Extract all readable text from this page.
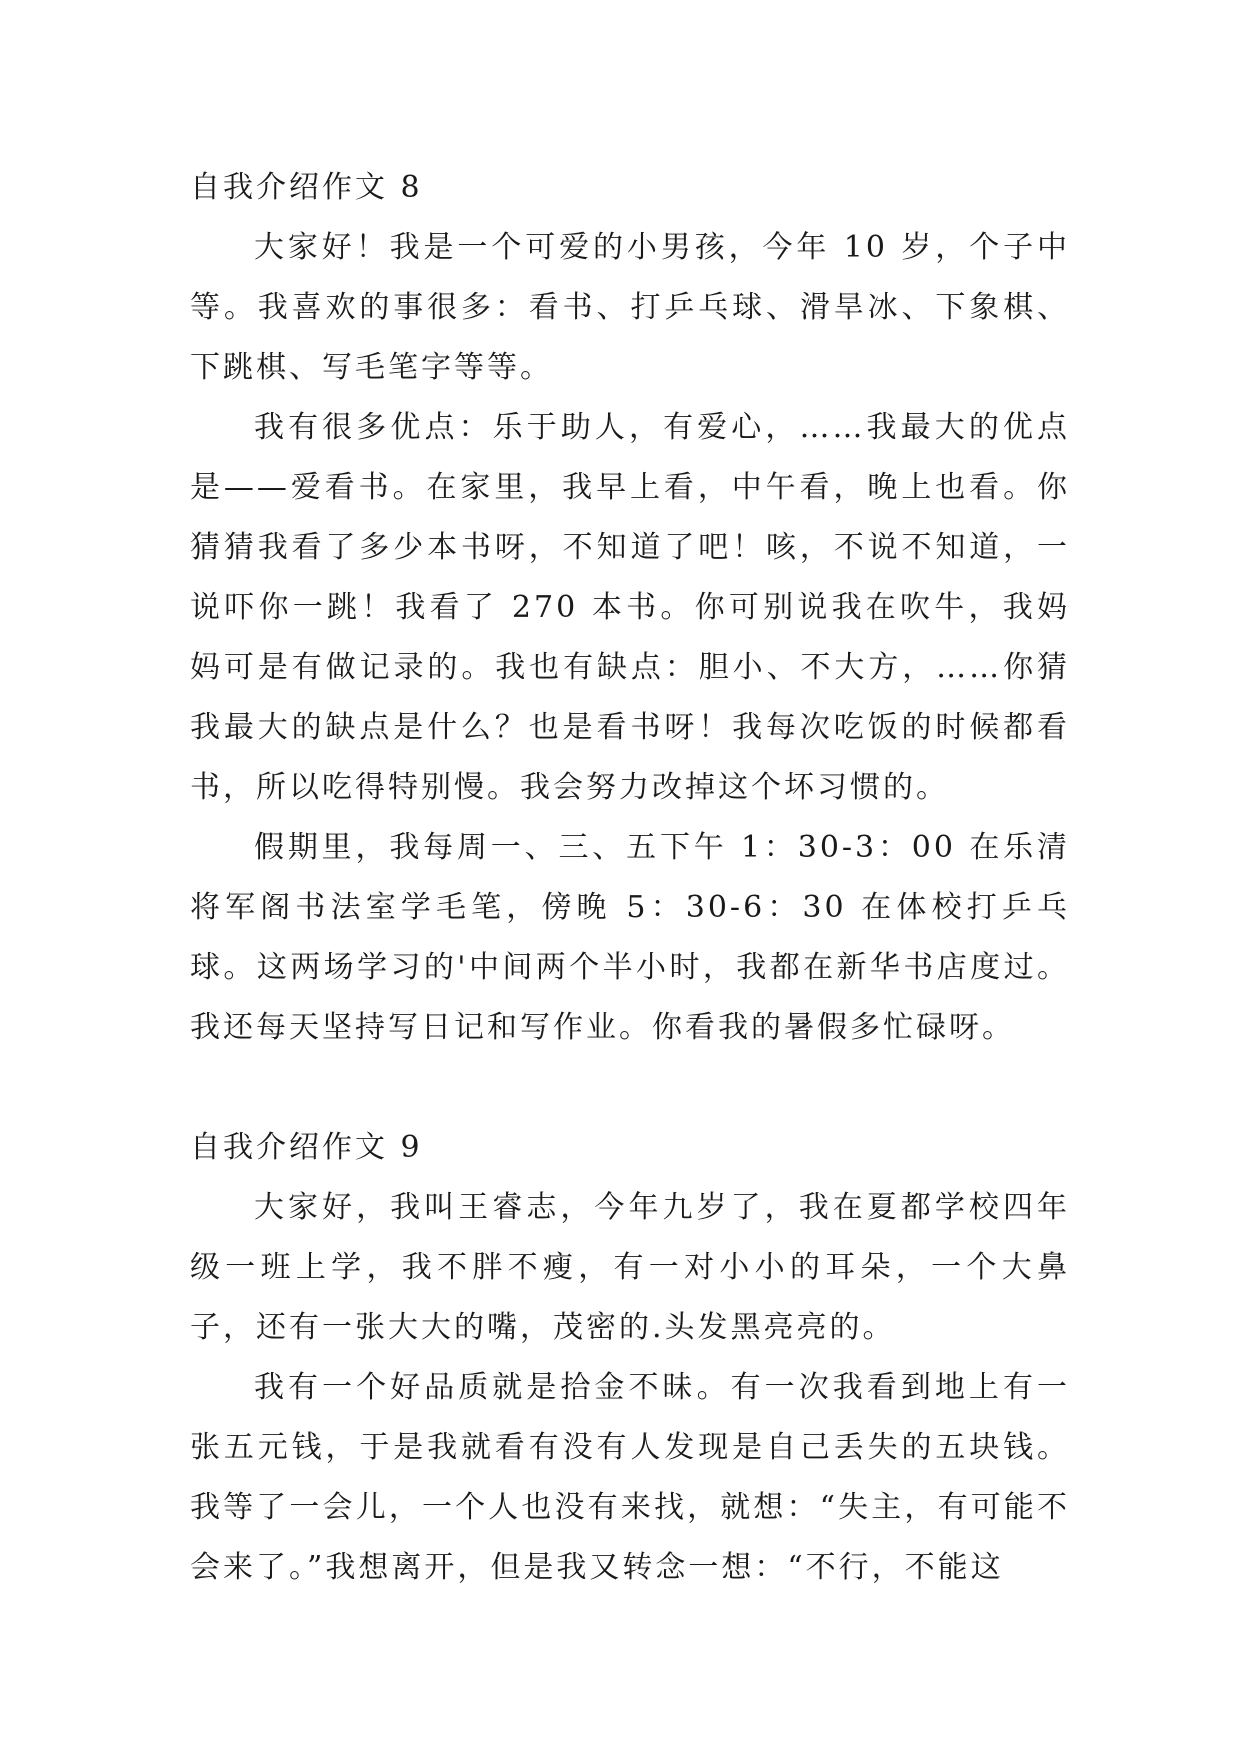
自我介绍作文 8

大家好！我是一个可爱的小男孩，今年 10 岁，个子中等。我喜欢的事很多：看书、打乒乓球、滑旱冰、下象棋、下跳棋、写毛笔字等等。

我有很多优点：乐于助人，有爱心，……我最大的优点是——爱看书。在家里，我早上看，中午看，晚上也看。你猜猜我看了多少本书呀，不知道了吧！咳，不说不知道，一说吓你一跳！我看了 270 本书。你可别说我在吹牛，我妈妈可是有做记录的。我也有缺点：胆小、不大方，……你猜我最大的缺点是什么？也是看书呀！我每次吃饭的时候都看书，所以吃得特别慢。我会努力改掉这个坏习惯的。

假期里，我每周一、三、五下午 1：30-3：00 在乐清将军阁书法室学毛笔，傍晚 5：30-6：30 在体校打乒乓球。这两场学习的'中间两个半小时，我都在新华书店度过。我还每天坚持写日记和写作业。你看我的暑假多忙碌呀。

自我介绍作文 9

大家好，我叫王睿志，今年九岁了，我在夏都学校四年级一班上学，我不胖不瘦，有一对小小的耳朵，一个大鼻子，还有一张大大的嘴，茂密的.头发黑亮亮的。

我有一个好品质就是拾金不昧。有一次我看到地上有一张五元钱，于是我就看有没有人发现是自己丢失的五块钱。我等了一会儿，一个人也没有来找，就想：“失主，有可能不会来了。”我想离开，但是我又转念一想：“不行，不能这
